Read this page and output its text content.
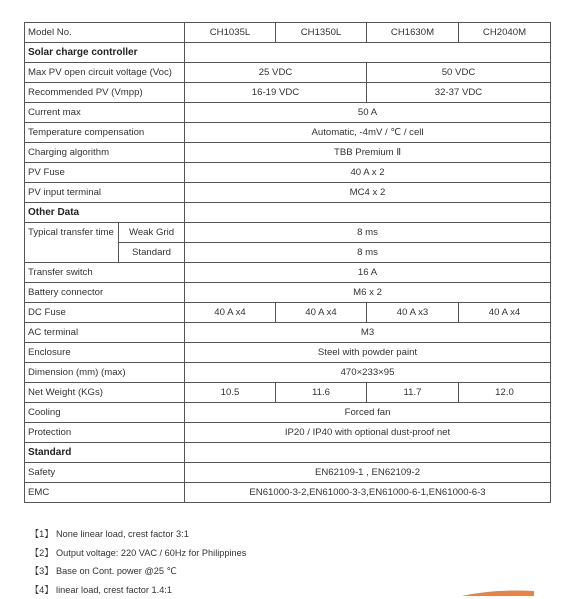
Model No.		CH1035L	CH1350L	CH1630M	CH2040M
Solar charge controller					
Max PV open circuit voltage (Voc)		25 VDC		50 VDC	
Recommended PV (Vmpp)		16-19 VDC		32-37 VDC	
Current max		50 A			
Temperature compensation		Automatic, -4mV / ℃ / cell			
Charging algorithm		TBB Premium Ⅱ			
PV Fuse		40 A x 2			
PV input terminal		MC4 x 2			
Other Data					
Typical transfer time	Weak Grid	8 ms			
	Standard	8 ms			
Transfer switch		16 A			
Battery connector		M6 x 2			
DC Fuse		40 A x4	40 A x4	40 A x3	40 A x4
AC terminal		M3			
Enclosure		Steel with powder paint			
Dimension (mm) (max)		470×233×95			
Net Weight (KGs)		10.5	11.6	11.7	12.0
Cooling		Forced fan			
Protection		IP20 / IP40 with optional dust-proof net			
Standard					
Safety		EN62109-1 , EN62109-2			
EMC		EN61000-3-2,EN61000-3-3,EN61000-6-1,EN61000-6-3			
【1】 None linear load, crest factor 3:1
【2】 Output voltage: 220 VAC / 60Hz for Philippines
【3】 Base on Cont. power @25 ℃
【4】 linear load, crest factor 1.4:1
